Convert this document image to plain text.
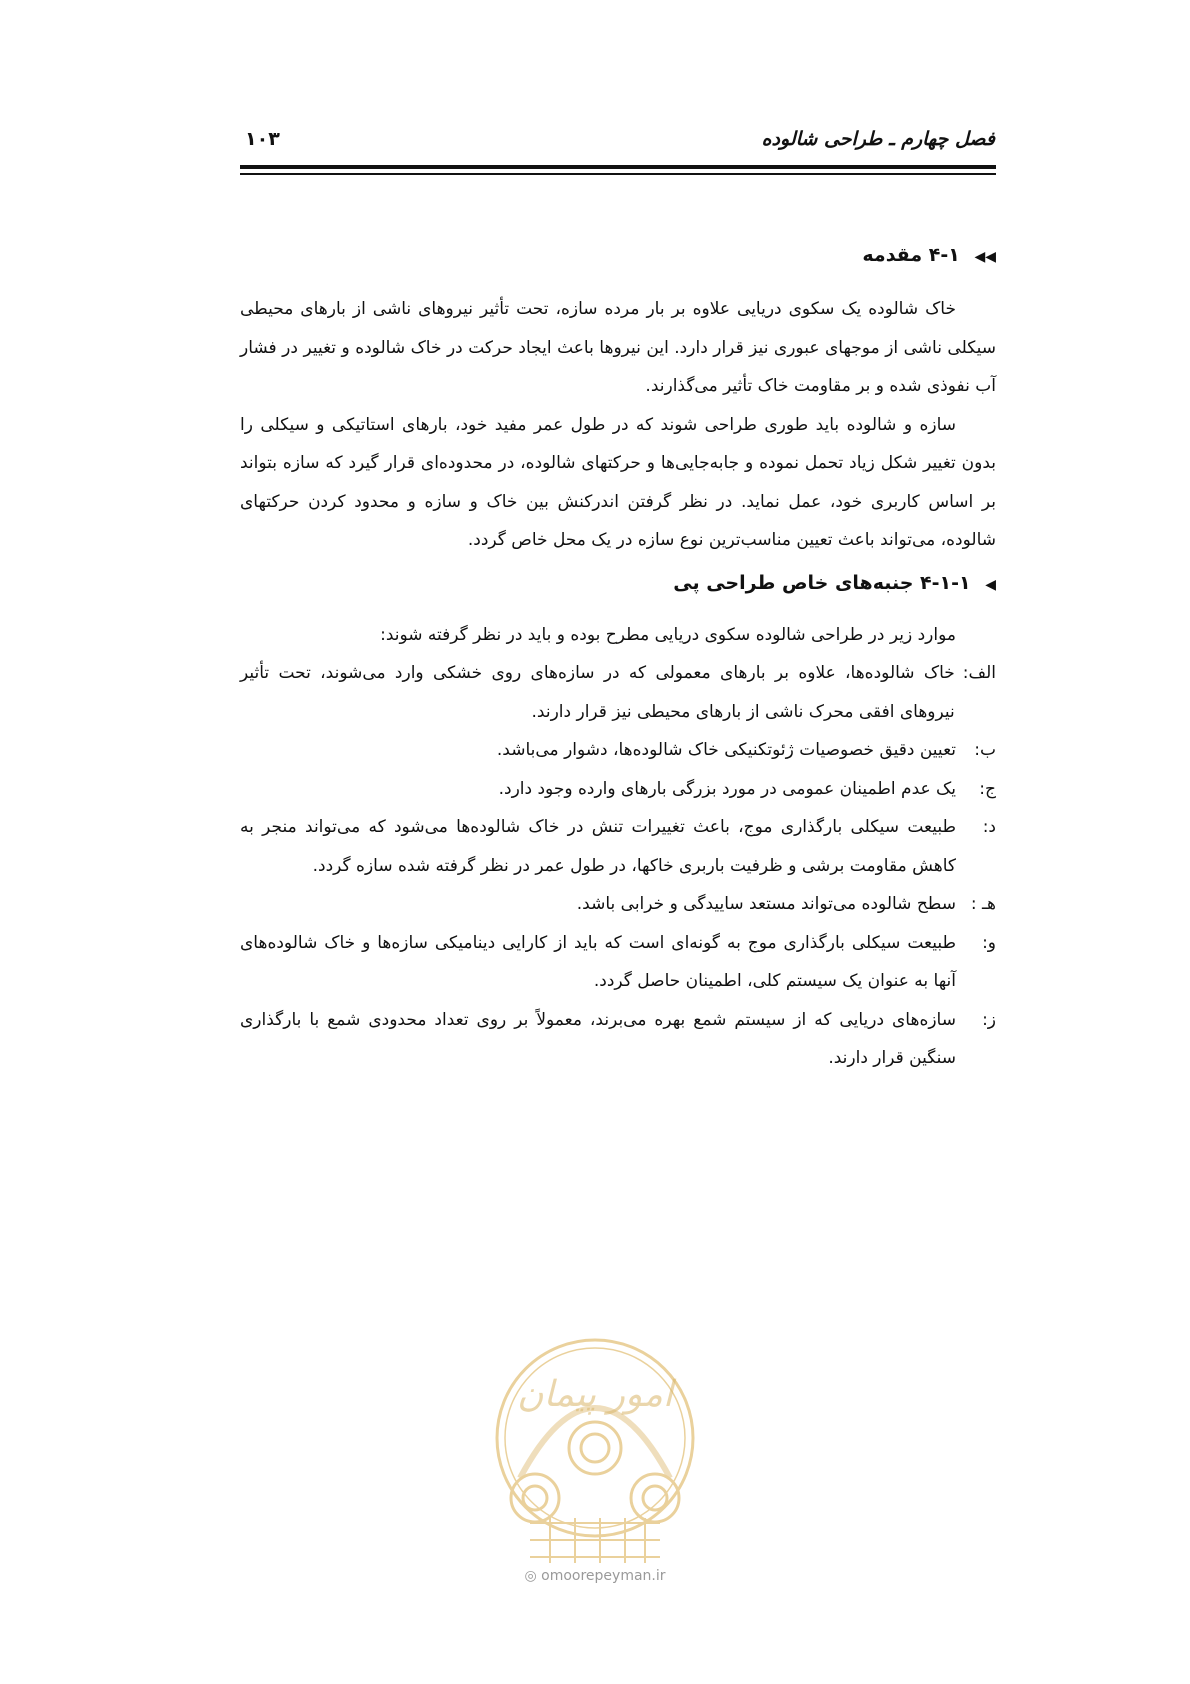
فصل چهارم ـ طراحی شالوده
۱۰۳
◀◀ ۴-۱ مقدمه

خاک شالوده یک سکوی دریایی علاوه بر بار مرده سازه، تحت تأثیر نیروهای ناشی از بارهای محیطی سیکلی ناشی از موجهای عبوری نیز قرار دارد. این نیروها باعث ایجاد حرکت در خاک شالوده و تغییر در فشار آب نفوذی شده و بر مقاومت خاک تأثیر می‌گذارند.

سازه و شالوده باید طوری طراحی شوند که در طول عمر مفید خود، بارهای استاتیکی و سیکلی را بدون تغییر شکل زیاد تحمل نموده و جابه‌جایی‌ها و حرکتهای شالوده، در محدوده‌ای قرار گیرد که سازه بتواند بر اساس کاربری خود، عمل نماید. در نظر گرفتن اندرکنش بین خاک و سازه و محدود کردن حرکتهای شالوده، می‌تواند باعث تعیین مناسب‌ترین نوع سازه در یک محل خاص گردد.

◀ ۴-۱-۱ جنبه‌های خاص طراحی پی

موارد زیر در طراحی شالوده سکوی دریایی مطرح بوده و باید در نظر گرفته شوند:

الف:
خاک شالوده‌ها، علاوه بر بارهای معمولی که در سازه‌های روی خشکی وارد می‌شوند، تحت تأثیر نیروهای افقی محرک ناشی از بارهای محیطی نیز قرار دارند.
ب:
تعیین دقیق خصوصیات ژئوتکنیکی خاک شالوده‌ها، دشوار می‌باشد.
ج:
یک عدم اطمینان عمومی در مورد بزرگی بارهای وارده وجود دارد.
د:
طبیعت سیکلی بارگذاری موج، باعث تغییرات تنش در خاک شالوده‌ها می‌شود که می‌تواند منجر به کاهش مقاومت برشی و ظرفیت باربری خاکها، در طول عمر در نظر گرفته شده سازه گردد.
هـ :
سطح شالوده می‌تواند مستعد ساییدگی و خرابی باشد.
و:
طبیعت سیکلی بارگذاری موج به گونه‌ای است که باید از کارایی دینامیکی سازه‌ها و خاک شالوده‌های آنها به عنوان یک سیستم کلی، اطمینان حاصل گردد.
ز:
سازه‌های دریایی که از سیستم شمع بهره می‌برند، معمولاً بر روی تعداد محدودی شمع با بارگذاری سنگین قرار دارند.
امور پیمان
◎ omoorepeyman.ir
